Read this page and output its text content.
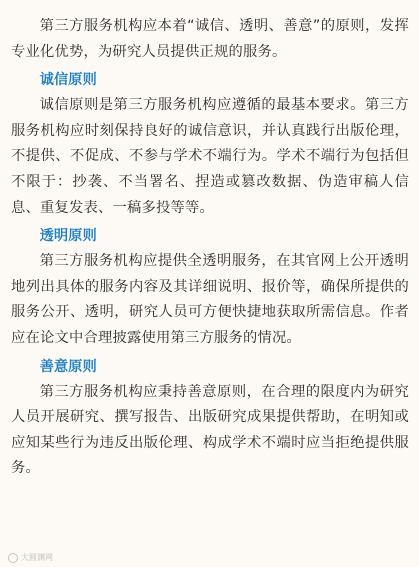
第三方服务机构应本着“诚信、透明、善意”的原则，发挥专业化优势，为研究人员提供正规的服务。

诚信原则

诚信原则是第三方服务机构应遵循的最基本要求。第三方服务机构应时刻保持良好的诚信意识，并认真践行出版伦理，不提供、不促成、不参与学术不端行为。学术不端行为包括但不限于：抄袭、不当署名、捏造或篡改数据、伪造审稿人信息、重复发表、一稿多投等等。

透明原则

第三方服务机构应提供全透明服务，在其官网上公开透明地列出具体的服务内容及其详细说明、报价等，确保所提供的服务公开、透明，研究人员可方便快捷地获取所需信息。作者应在论文中合理披露使用第三方服务的情况。

善意原则

第三方服务机构应秉持善意原则，在合理的限度内为研究人员开展研究、撰写报告、出版研究成果提供帮助，在明知或应知某些行为违反出版伦理、构成学术不端时应当拒绝提供服务。

大圆渊网
